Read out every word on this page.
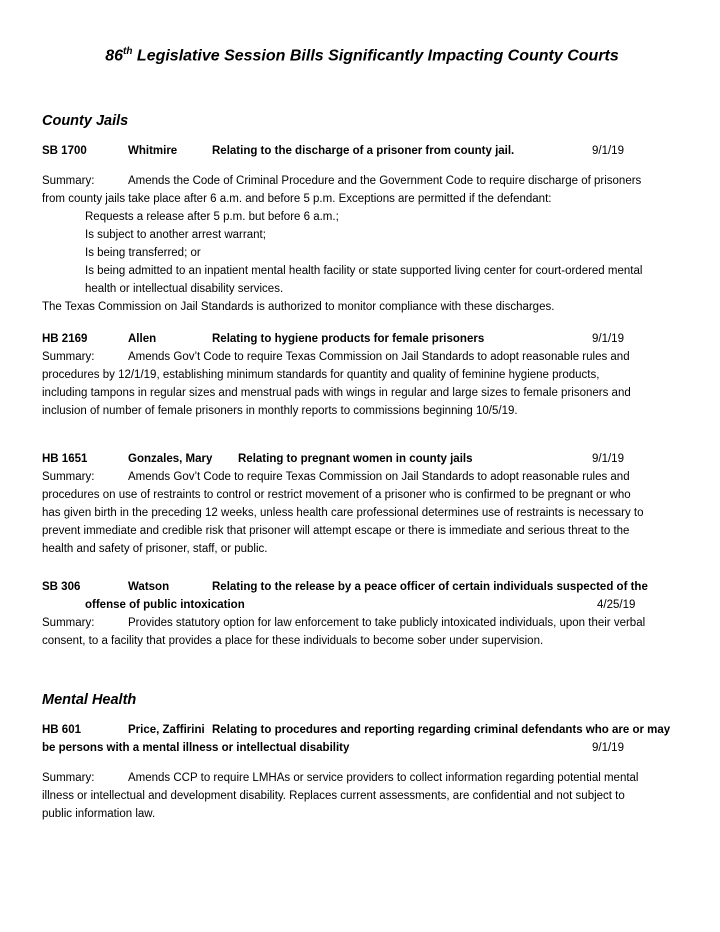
86th Legislative Session Bills Significantly Impacting County Courts
County Jails
SB 1700	Whitmire	Relating to the discharge of a prisoner from county jail.	9/1/19

Summary:	Amends the Code of Criminal Procedure and the Government Code to require discharge of prisoners

from county jails take place after 6 a.m. and before 5 p.m. Exceptions are permitted if the defendant:

Requests a release after 5 p.m. but before 6 a.m.;

Is subject to another arrest warrant;

Is being transferred; or

Is being admitted to an inpatient mental health facility or state supported living center for court-ordered mental

health or intellectual disability services.

The Texas Commission on Jail Standards is authorized to monitor compliance with these discharges.

HB 2169	Allen	Relating to hygiene products for female prisoners	9/1/19

Summary:	Amends Gov’t Code to require Texas Commission on Jail Standards to adopt reasonable rules and

procedures by 12/1/19, establishing minimum standards for quantity and quality of feminine hygiene products,

including tampons in regular sizes and menstrual pads with wings in regular and large sizes to female prisoners and

inclusion of number of female prisoners in monthly reports to commissions beginning 10/5/19.

HB 1651	Gonzales, Mary Relating to pregnant women in county jails	9/1/19

Summary:	Amends Gov’t Code to require Texas Commission on Jail Standards to adopt reasonable rules and

procedures on use of restraints to control or restrict movement of a prisoner who is confirmed to be pregnant or who

has given birth in the preceding 12 weeks, unless health care professional determines use of restraints is necessary to

prevent immediate and credible risk that prisoner will attempt escape or there is immediate and serious threat to the

health and safety of prisoner, staff, or public.

SB 306	Watson	Relating to the release by a peace officer of certain individuals suspected of the
offense of public intoxication	4/25/19

Summary:	Provides statutory option for law enforcement to take publicly intoxicated individuals, upon their verbal

consent, to a facility that provides a place for these individuals to become sober under supervision.

Mental Health
HB 601	Price, Zaffirini Relating to procedures and reporting regarding criminal defendants who are or may
be persons with a mental illness or intellectual disability	9/1/19

Summary:	Amends CCP to require LMHAs or service providers to collect information regarding potential mental

illness or intellectual and development disability. Replaces current assessments, are confidential and not subject to

public information law.
